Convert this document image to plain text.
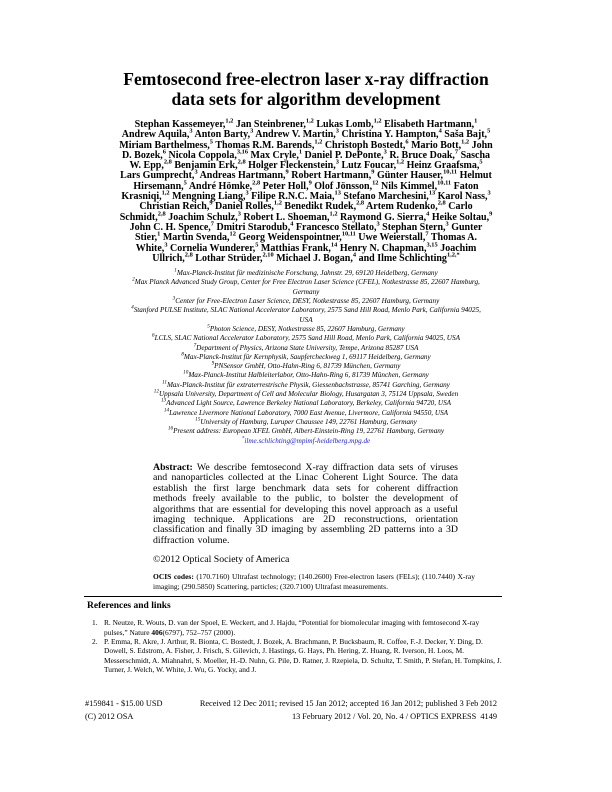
Femtosecond free-electron laser x-ray diffraction
data sets for algorithm development
Stephan Kassemeyer,$^{1,2}$ Jan Steinbrener,$^{1,2}$ Lukas Lomb,$^{1,2}$ Elisabeth Hartmann,$^1$
Andrew Aquila,$^3$ Anton Barty,$^3$ Andrew V. Martin,$^3$ Christina Y. Hampton,$^4$ Saša Bajt,$^5$
Miriam Barthelmess,$^5$ Thomas R.M. Barends,$^{1,2}$ Christoph Bostedt,$^6$ Mario Bott,$^{1,2}$ John
D. Bozek,$^6$ Nicola Coppola,$^{3,16}$ Max Cryle,$^1$ Daniel P. DePonte,$^3$ R. Bruce Doak,$^7$ Sascha
W. Epp,$^{2,8}$ Benjamin Erk,$^{2,8}$ Holger Fleckenstein,$^3$ Lutz Foucar,$^{1,2}$ Heinz Graafsma,$^5$
Lars Gumprecht,$^3$ Andreas Hartmann,$^9$ Robert Hartmann,$^9$ Günter Hauser,$^{10,11}$ Helmut
Hirsemann,$^5$ André Hömke,$^{2,8}$ Peter Holl,$^9$ Olof Jönsson,$^{12}$ Nils Kimmel,$^{10,11}$ Faton
Krasniqi,$^{1,2}$ Mengning Liang,$^3$ Filipe R.N.C. Maia,$^{13}$ Stefano Marchesini,$^{13}$ Karol Nass,$^3$
Christian Reich,$^9$ Daniel Rolles,$^{1,2}$ Benedikt Rudek,$^{2,8}$ Artem Rudenko,$^{2,8}$ Carlo
Schmidt,$^{2,8}$ Joachim Schulz,$^3$ Robert L. Shoeman,$^{1,2}$ Raymond G. Sierra,$^4$ Heike Soltau,$^9$
John C. H. Spence,$^7$ Dmitri Starodub,$^4$ Francesco Stellato,$^3$ Stephan Stern,$^3$ Gunter
Stier,$^1$ Martin Svenda,$^{12}$ Georg Weidenspointner,$^{10,11}$ Uwe Weierstall,$^7$ Thomas A.
White,$^3$ Cornelia Wunderer,$^5$ Matthias Frank,$^{14}$ Henry N. Chapman,$^{3,15}$ Joachim
Ullrich,$^{2,8}$ Lothar Strüder,$^{2,10}$ Michael J. Bogan,$^4$ and Ilme Schlichting$^{1,2,*}$
$^1$Max-Planck-Institut für medizinische Forschung, Jahnstr. 29, 69120 Heidelberg, Germany
$^2$Max Planck Advanced Study Group, Center for Free Electron Laser Science (CFEL), Notkestrasse 85, 22607 Hamburg, Germany
$^3$Center for Free-Electron Laser Science, DESY, Notkestrasse 85, 22607 Hamburg, Germany
$^4$Stanford PULSE Institute, SLAC National Accelerator Laboratory, 2575 Sand Hill Road, Menlo Park, California 94025, USA
$^5$Photon Science, DESY, Notkestrasse 85, 22607 Hamburg, Germany
$^6$LCLS, SLAC National Accelerator Laboratory, 2575 Sand Hill Road, Menlo Park, California 94025, USA
$^7$Department of Physics, Arizona State University, Tempe, Arizona 85287 USA
$^8$Max-Planck-Institut für Kernphysik, Saupfercheckweg 1, 69117 Heidelberg, Germany
$^9$PNSensor GmbH, Otto-Hahn-Ring 6, 81739 München, Germany
$^{10}$Max-Planck-Institut Halbleiterlabor, Otto-Hahn-Ring 6, 81739 München, Germany
$^{11}$Max-Planck-Institut für extraterrestrische Physik, Giessenbachstrasse, 85741 Garching, Germany
$^{12}$Uppsala University, Department of Cell and Molecular Biology, Husargatan 3, 75124 Uppsala, Sweden
$^{13}$Advanced Light Source, Lawrence Berkeley National Laboratory, Berkeley, California 94720, USA
$^{14}$Lawrence Livermore National Laboratory, 7000 East Avenue, Livermore, California 94550, USA
$^{15}$University of Hamburg, Luruper Chaussee 149, 22761 Hamburg, Germany
$^{16}$Present address: European XFEL GmbH, Albert-Einstein-Ring 19, 22761 Hamburg, Germany
*ilme.schlichting@mpimf-heidelberg.mpg.de
Abstract: We describe femtosecond X-ray diffraction data sets of viruses and nanoparticles collected at the Linac Coherent Light Source. The data establish the first large benchmark data sets for coherent diffraction methods freely available to the public, to bolster the development of algorithms that are essential for developing this novel approach as a useful imaging technique. Applications are 2D reconstructions, orientation classification and finally 3D imaging by assembling 2D patterns into a 3D diffraction volume.
©2012 Optical Society of America
OCIS codes: (170.7160) Ultrafast technology; (140.2600) Free-electron lasers (FELs); (110.7440) X-ray imaging; (290.5850) Scattering, particles; (320.7100) Ultrafast measurements.
References and links
1. R. Neutze, R. Wouts, D. van der Spoel, E. Weckert, and J. Hajdu, “Potential for biomolecular imaging with femtosecond X-ray pulses,” Nature 406(6797), 752–757 (2000).
2. P. Emma, R. Akre, J. Arthur, R. Bionta, C. Bostedt, J. Bozek, A. Brachmann, P. Bucksbaum, R. Coffee, F.-J. Decker, Y. Ding, D. Dowell, S. Edstrom, A. Fisher, J. Frisch, S. Gilevich, J. Hastings, G. Hays, Ph. Hering, Z. Huang, R. Iverson, H. Loos, M. Messerschmidt, A. Miahnahri, S. Moeller, H.-D. Nuhn, G. Pile, D. Ratner, J. Rzepiela, D. Schultz, T. Smith, P. Stefan, H. Tompkins, J. Turner, J. Welch, W. White, J. Wu, G. Yocky, and J.
#159841 - $15.00 USD	Received 12 Dec 2011; revised 15 Jan 2012; accepted 16 Jan 2012; published 3 Feb 2012
(C) 2012 OSA	13 February 2012 / Vol. 20, No. 4 / OPTICS EXPRESS  4149
